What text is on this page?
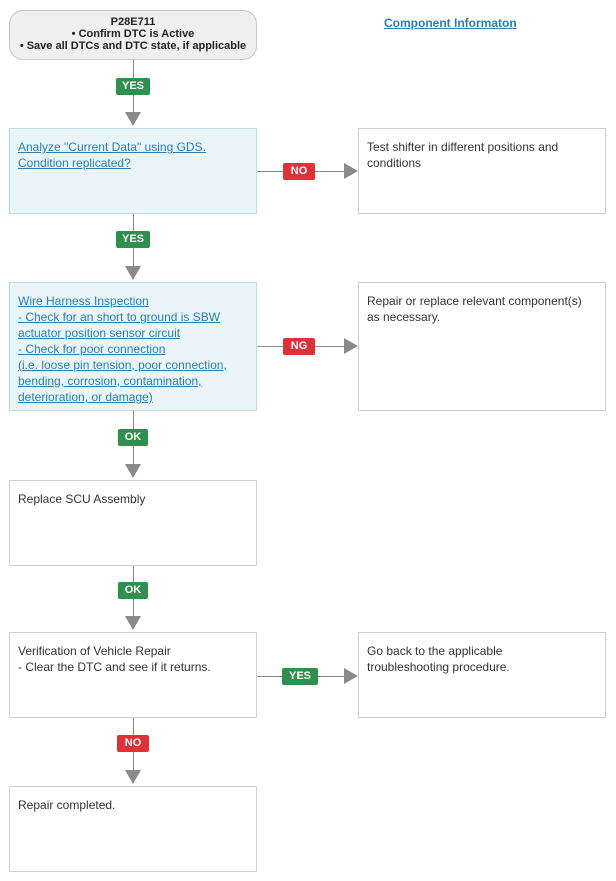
P28E711
• Confirm DTC is Active
• Save all DTCs and DTC state, if applicable
Component Informaton
YES
Analyze "Current Data" using GDS.
Condition replicated?
NO
Test shifter in different positions and
conditions
YES
Wire Harness Inspection
- Check for an short to ground is SBW
actuator position sensor circuit
- Check for poor connection
(i.e. loose pin tension, poor connection,
bending, corrosion, contamination,
deterioration, or damage)
NG
Repair or replace relevant component(s)
as necessary.
OK
Replace SCU Assembly
OK
Verification of Vehicle Repair
- Clear the DTC and see if it returns.
YES
Go back to the applicable
troubleshooting procedure.
NO
Repair completed.
